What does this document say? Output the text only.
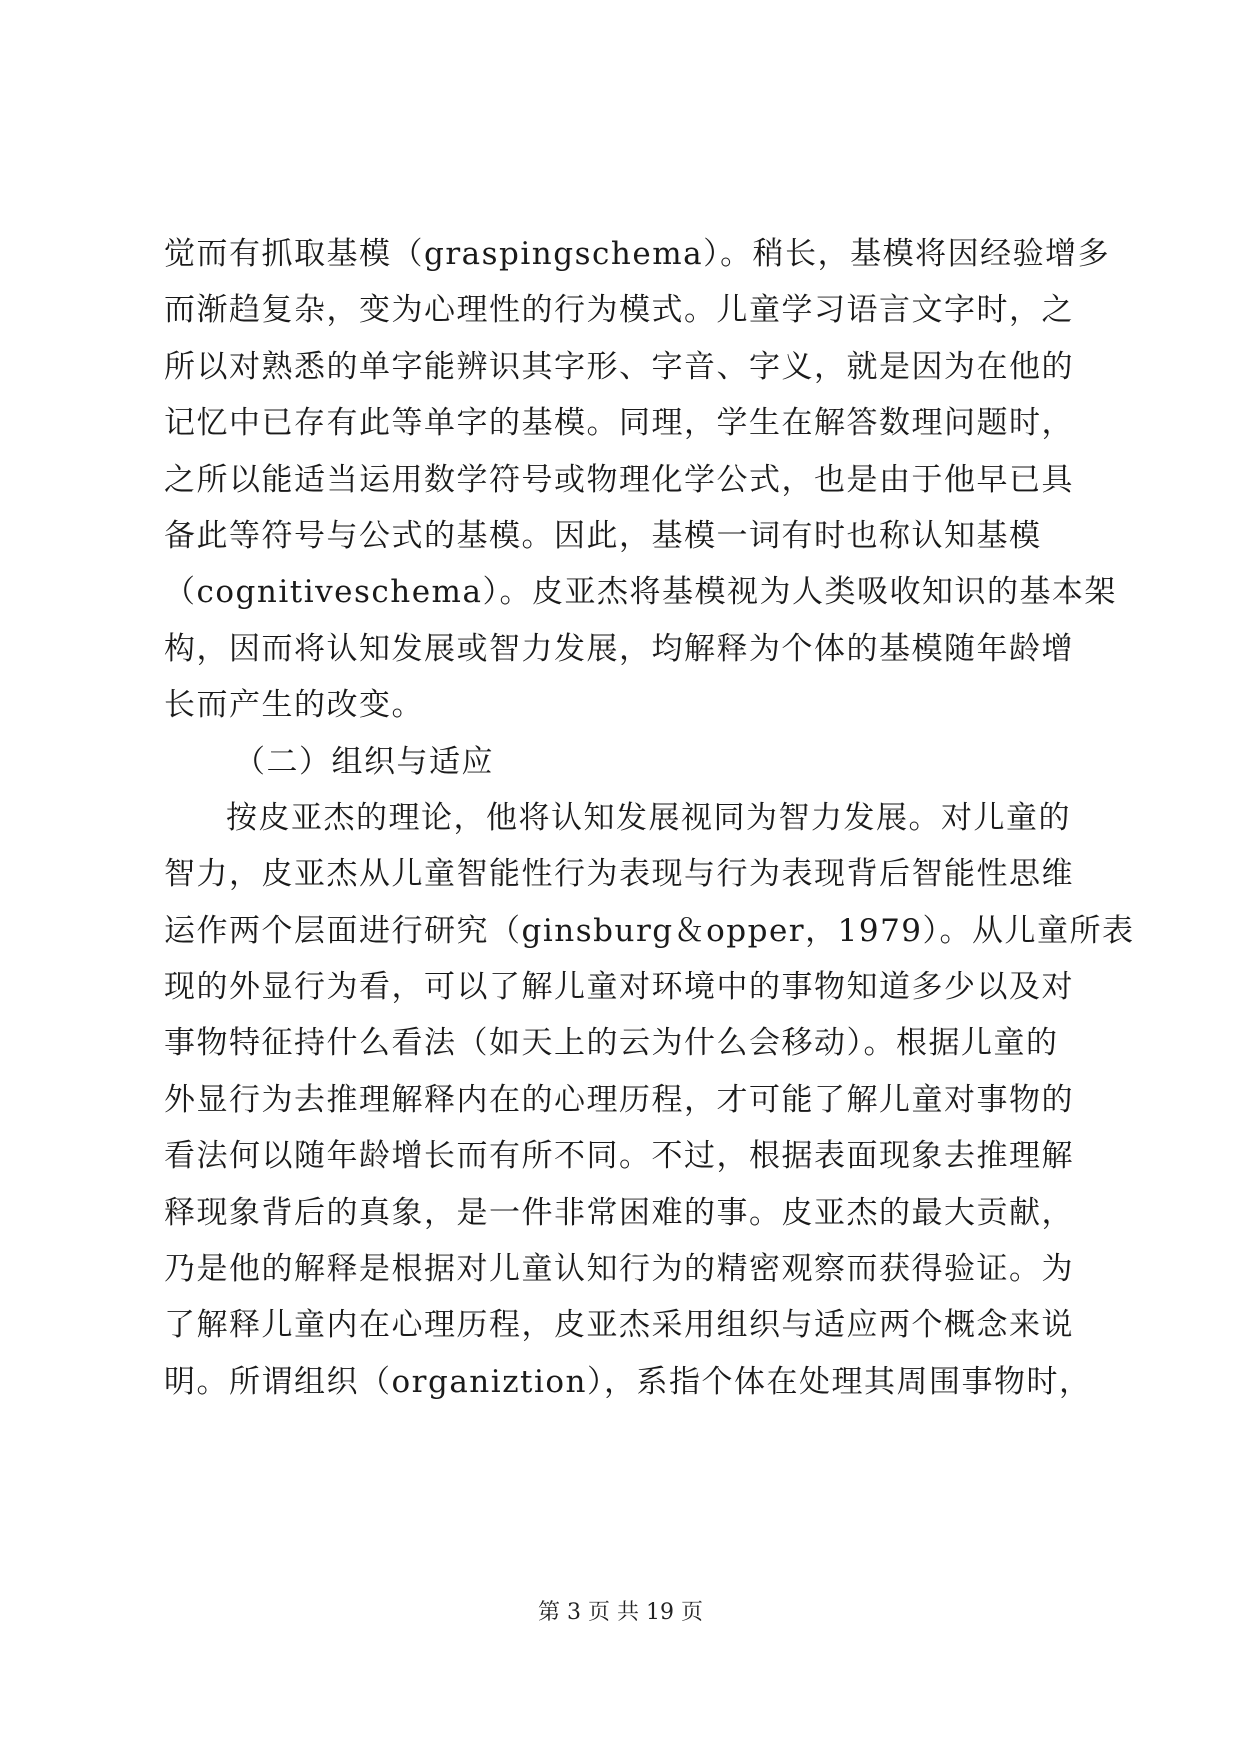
觉而有抓取基模（graspingschema）。稍长，基模将因经验增多
而渐趋复杂，变为心理性的行为模式。儿童学习语言文字时，之
所以对熟悉的单字能辨识其字形、字音、字义，就是因为在他的
记忆中已存有此等单字的基模。同理，学生在解答数理问题时，
之所以能适当运用数学符号或物理化学公式，也是由于他早已具
备此等符号与公式的基模。因此，基模一词有时也称认知基模
（cognitiveschema）。皮亚杰将基模视为人类吸收知识的基本架
构，因而将认知发展或智力发展，均解释为个体的基模随年龄增
长而产生的改变。
（二）组织与适应
按皮亚杰的理论，他将认知发展视同为智力发展。对儿童的
智力，皮亚杰从儿童智能性行为表现与行为表现背后智能性思维
运作两个层面进行研究（ginsburg＆opper，1979）。从儿童所表
现的外显行为看，可以了解儿童对环境中的事物知道多少以及对
事物特征持什么看法（如天上的云为什么会移动）。根据儿童的
外显行为去推理解释内在的心理历程，才可能了解儿童对事物的
看法何以随年龄增长而有所不同。不过，根据表面现象去推理解
释现象背后的真象，是一件非常困难的事。皮亚杰的最大贡献，
乃是他的解释是根据对儿童认知行为的精密观察而获得验证。为
了解释儿童内在心理历程，皮亚杰采用组织与适应两个概念来说
明。所谓组织（organiztion），系指个体在处理其周围事物时，
第 3 页 共 19 页
